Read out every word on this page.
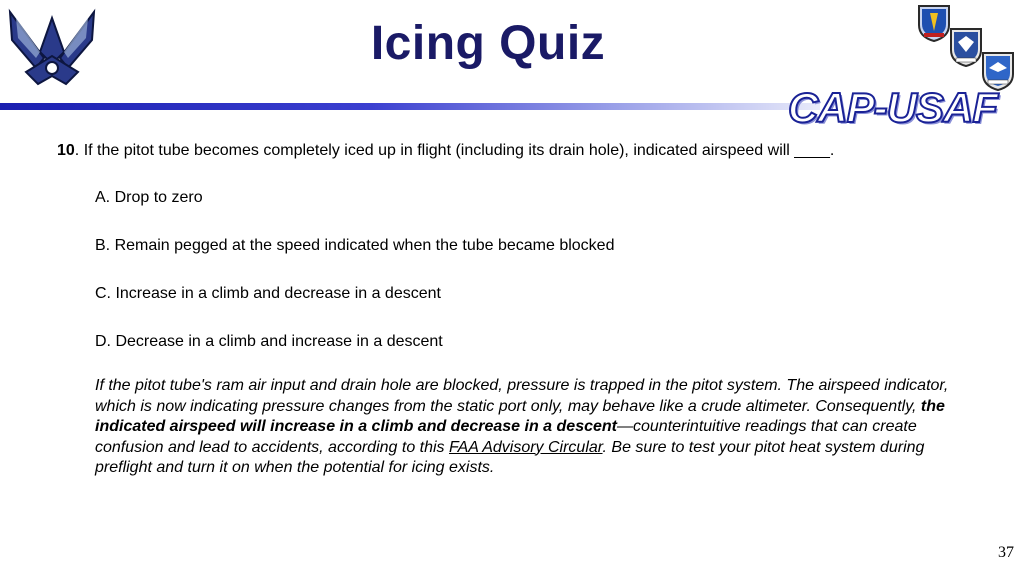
Icing Quiz
CAP-USAF
10. If the pitot tube becomes completely iced up in flight (including its drain hole), indicated airspeed will ____.
A. Drop to zero
B. Remain pegged at the speed indicated when the tube became blocked
C. Increase in a climb and decrease in a descent
D. Decrease in a climb and increase in a descent
If the pitot tube's ram air input and drain hole are blocked, pressure is trapped in the pitot system. The airspeed indicator, which is now indicating pressure changes from the static port only, may behave like a crude altimeter. Consequently, the indicated airspeed will increase in a climb and decrease in a descent—counterintuitive readings that can create confusion and lead to accidents, according to this FAA Advisory Circular. Be sure to test your pitot heat system during preflight and turn it on when the potential for icing exists.
37
